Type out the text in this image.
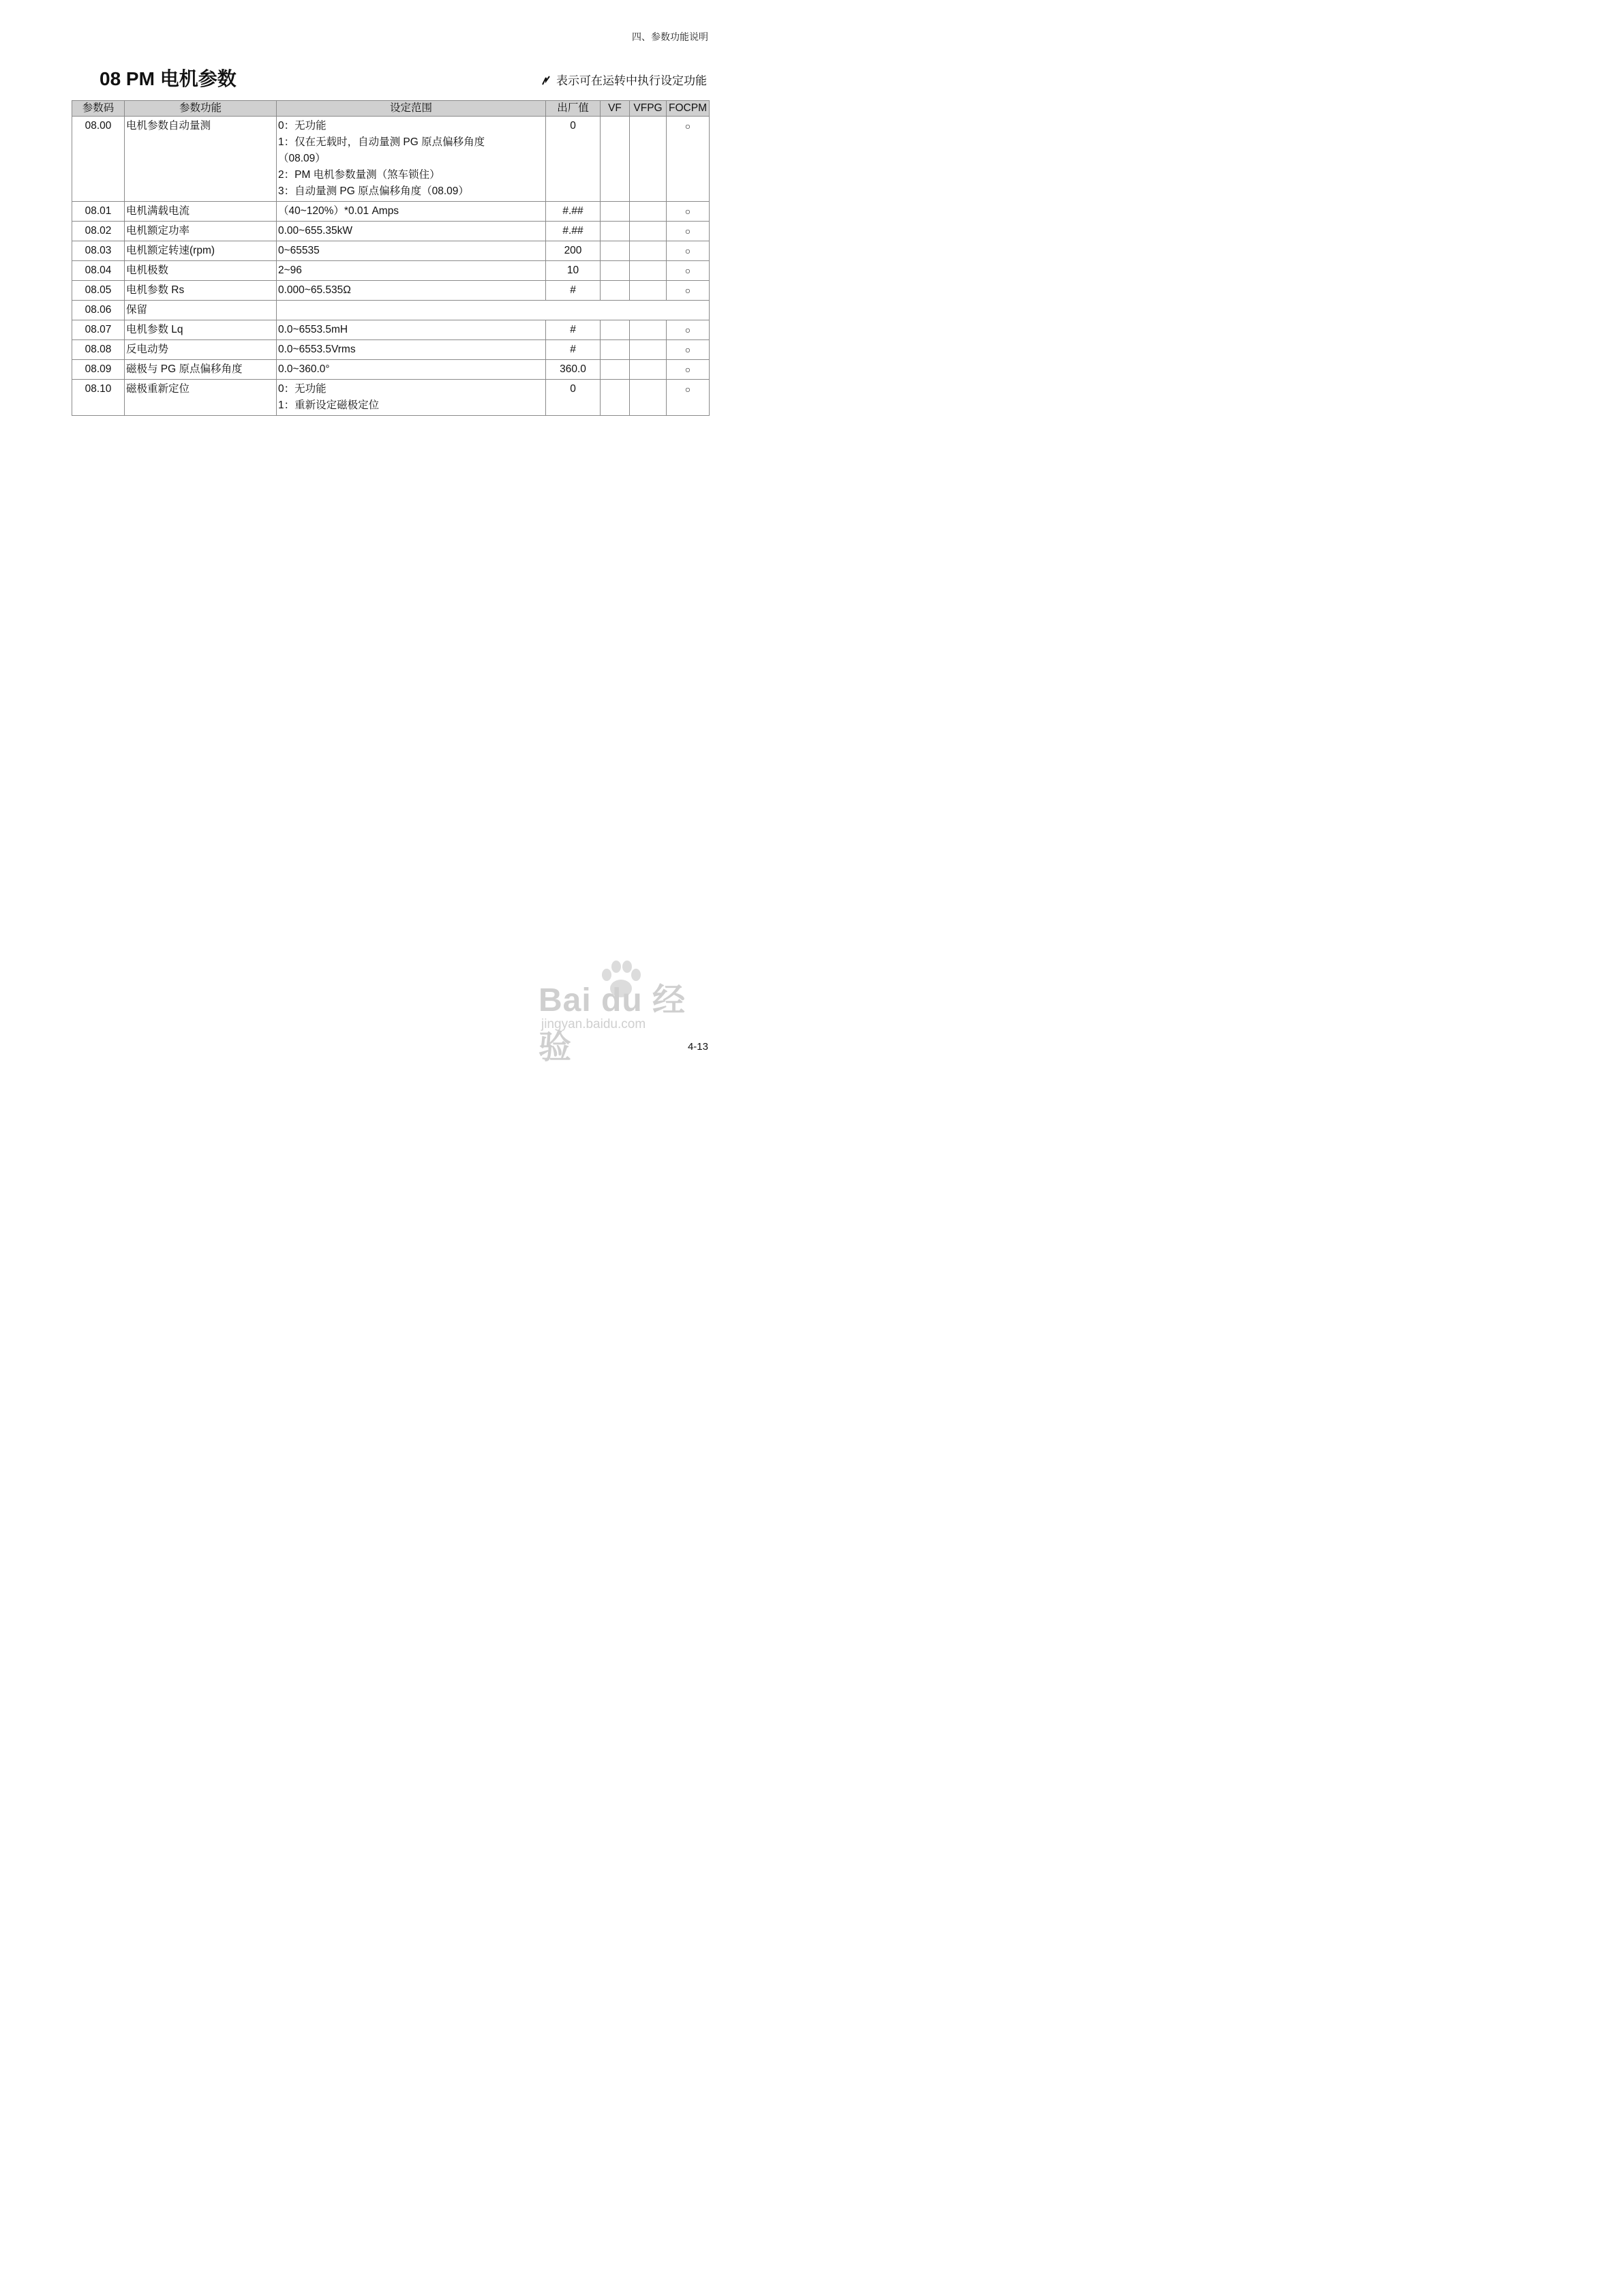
四、参数功能说明
08 PM 电机参数	表示可在运转中执行设定功能
参数码	参数功能	设定范围	出厂值	VF	VFPG	FOCPM
08.00	电机参数自动量测	0：无功能
1：仅在无载时，自动量测 PG 原点偏移角度
（08.09）
2：PM 电机参数量测（煞车锁住）
3：自动量测 PG 原点偏移角度（08.09）	0			○
08.01	电机满载电流	（40~120%）*0.01 Amps	#.##			○
08.02	电机额定功率	0.00~655.35kW	#.##			○
08.03	电机额定转速(rpm)	0~65535	200			○
08.04	电机极数	2~96	10			○
08.05	电机参数 Rs	0.000~65.535Ω	#			○
08.06	保留					
08.07	电机参数 Lq	0.0~6553.5mH	#			○
08.08	反电动势	0.0~6553.5Vrms	#			○
08.09	磁极与 PG 原点偏移角度	0.0~360.0°	360.0			○
08.10	磁极重新定位	0：无功能
1：重新设定磁极定位	0			○
Bai du 经验
jingyan.baidu.com
4-13
